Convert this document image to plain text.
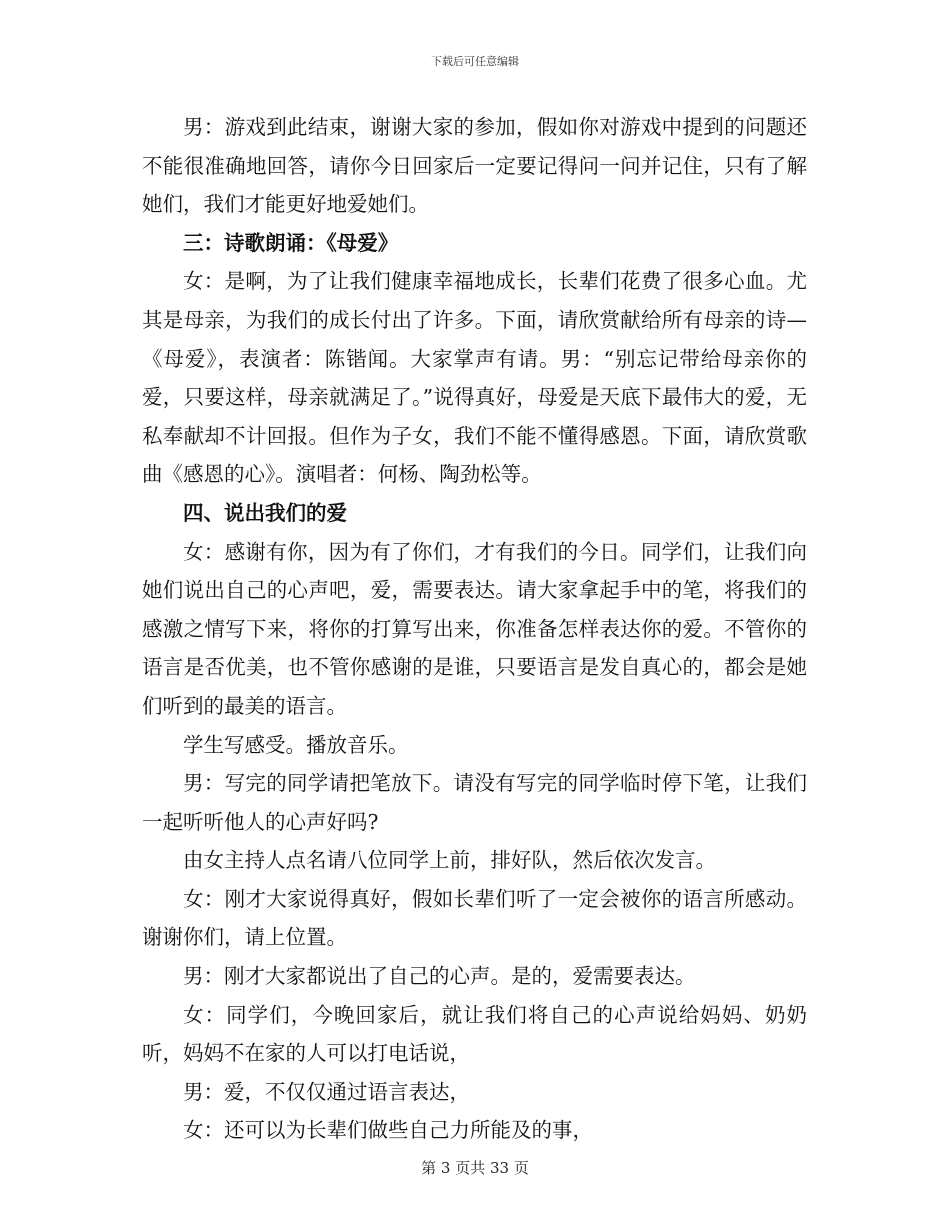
下载后可任意编辑

男：游戏到此结束，谢谢大家的参加，假如你对游戏中提到的问题还不能很准确地回答，请你今日回家后一定要记得问一问并记住，只有了解她们，我们才能更好地爱她们。

三：诗歌朗诵：《母爱》

女：是啊，为了让我们健康幸福地成长，长辈们花费了很多心血。尤其是母亲，为我们的成长付出了许多。下面，请欣赏献给所有母亲的诗—《母爱》，表演者：陈锴闻。大家掌声有请。男：“别忘记带给母亲你的爱，只要这样，母亲就满足了。”说得真好，母爱是天底下最伟大的爱，无私奉献却不计回报。但作为子女，我们不能不懂得感恩。下面，请欣赏歌曲《感恩的心》。演唱者：何杨、陶劲松等。

四、说出我们的爱

女：感谢有你，因为有了你们，才有我们的今日。同学们，让我们向她们说出自己的心声吧，爱，需要表达。请大家拿起手中的笔，将我们的感激之情写下来，将你的打算写出来，你准备怎样表达你的爱。不管你的语言是否优美，也不管你感谢的是谁，只要语言是发自真心的，都会是她们听到的最美的语言。

学生写感受。播放音乐。

男：写完的同学请把笔放下。请没有写完的同学临时停下笔，让我们一起听听他人的心声好吗?

由女主持人点名请八位同学上前，排好队，然后依次发言。

女：刚才大家说得真好，假如长辈们听了一定会被你的语言所感动。谢谢你们，请上位置。

男：刚才大家都说出了自己的心声。是的，爱需要表达。

女：同学们，今晚回家后，就让我们将自己的心声说给妈妈、奶奶听，妈妈不在家的人可以打电话说，

男：爱，不仅仅通过语言表达，

女：还可以为长辈们做些自己力所能及的事，

第 3 页共 33 页
